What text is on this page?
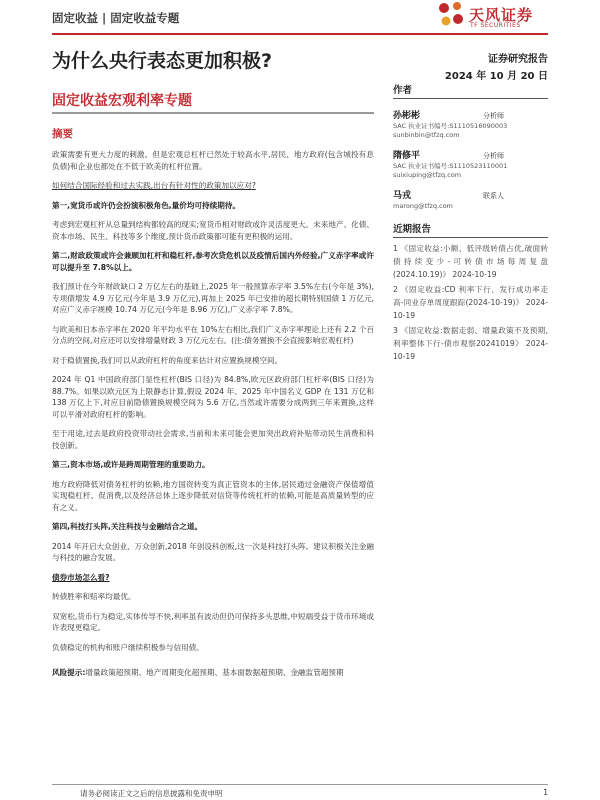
固定收益 | 固定收益专题	天风证券
TF SECURITIES
为什么央行表态更加积极?	证券研究报告
2024 年 10 月 20 日
固定收益宏观利率专题
摘要
政策需要有更大力度的刺激。但是宏观总杠杆已然处于较高水平,居民、地方政府(包含城投有息负债)和企业也都处在不低于欧美的杠杆位置。
如何结合国际经验和过去实践,出台有针对性的政策加以应对?
第一,宽货币或许仍会扮演积极角色,量价均可持续期待。
考虑到宏观杠杆从总量到结构都较高的现实;宽货币相对财政或许灵活度更大。未来地产、化债、资本市场、民生、科技等多个维度,预计货币政策都可能有更积极的运用。
第二,财政政策或许会兼顾加杠杆和稳杠杆,参考次贷危机以及疫情后国内外经验,广义赤字率或许可以提升至 7.8%以上。
我们预计在今年财政缺口 2 万亿左右的基础上,2025 年一般预算赤字率 3.5%左右(今年是 3%),专项债增发 4.9 万亿元(今年是 3.9 万亿元),再加上 2025 年已安排的超长期特别国债 1 万亿元,对应广义赤字规模 10.74 万亿元(今年是 8.96 万亿),广义赤字率 7.8%。
与欧美和日本赤字率在 2020 年平均水平在 10%左右相比,我们广义赤字率理论上还有 2.2 个百分点的空间,对应还可以安排增量财政 3 万亿元左右。(注:债务置换不会直接影响宏观杠杆)
对于稳债置换,我们可以从政府杠杆的角度来估计对应置换规模空间。
2024 年 Q1 中国政府部门显性杠杆(BIS 口径)为 84.8%,欧元区政府部门杠杆率(BIS 口径)为 88.7%。如果以欧元区为上限静态计算,假设 2024 年、2025 年中国名义 GDP 在 131 万亿和 138 万亿上下,对应目前隐债置换规模空间为 5.6 万亿,当然或许需要分成两到三年来置换,这样可以平滑对政府杠杆的影响。
至于用途,过去是政府投资带动社会需求,当前和未来可能会更加突出政府补贴带动民生消费和科技创新。
第三,资本市场,或许是跨周期管理的重要助力。
地方政府降低对债务杠杆的依赖,地方国资转变为真正管资本的主体,居民通过金融资产保值增值实现稳杠杆、促消费,以及经济总体上逐步降低对信贷等传统杠杆的依赖,可能是高质量转型的应有之义。
第四,科技打头阵,关注科技与金融结合之道。
2014 年开启大众创业、万众创新,2018 年创设科创板,这一次是科技打头阵。建议积极关注金融与科技的融合发展。
债券市场怎么看?
转债胜率和赔率均最优。
双宽松,货币行为稳定,实体传导不快,利率虽有波动但仍可保持多头思维,中短端受益于货币环境或许表现更稳定。
负债稳定的机构和账户继续积极参与信用债。
风险提示:增量政策超预期、地产周期变化超预期、基本面数据超预期、金融监管超预期
作者
孙彬彬	分析师
SAC 执业证书编号:S1110516090003
sunbinbin@tfzq.com
隋修平	分析师
SAC 执业证书编号:S1110523110001
suixiuping@tfzq.com
马戎	联系人
marong@tfzq.com
近期报告
1 《固定收益:小额、低评级转债占优,破面转债持续变少-可转债市场每周复盘(2024.10.19)》 2024-10-19
2 《固定收益:CD 利率下行、发行成功率走高-同业存单周度跟踪(2024-10-19)》 2024-10-19
3 《固定收益:数据走弱、增量政策不及预期,利率整体下行-债市观察20241019》 2024-10-19
请务必阅读正文之后的信息披露和免责申明	1
